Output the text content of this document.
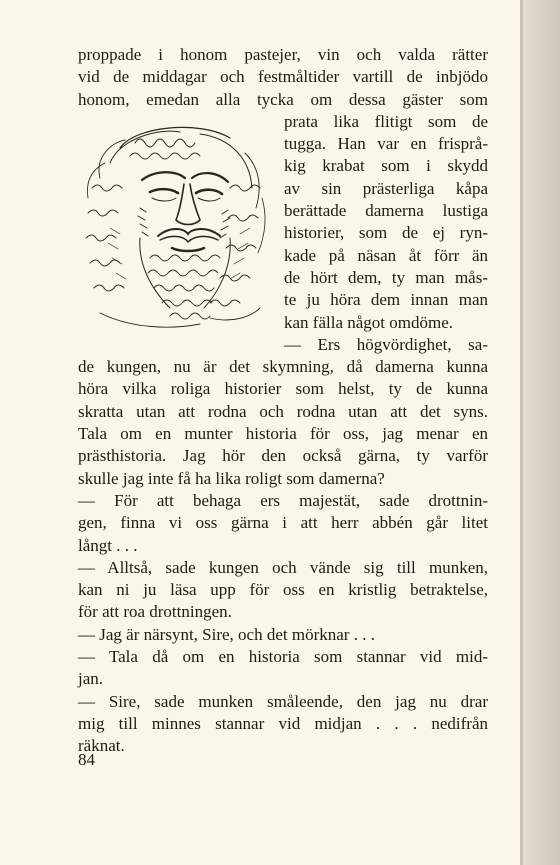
proppade i honom pastejer, vin och valda rätter
vid de middagar och festmåltider vartill de inbjödo
honom, emedan alla tycka om dessa gäster som
prata lika flitigt som de
tugga. Han var en frisprå-
kig krabat som i skydd
av sin prästerliga kåpa
berättade damerna lustiga
historier, som de ej ryn-
kade på näsan åt förr än
de hört dem, ty man mås-
te ju höra dem innan man
kan fälla något omdöme.
— Ers högvördighet, sa-
de kungen, nu är det skymning, då damerna kunna
höra vilka roliga historier som helst, ty de kunna
skratta utan att rodna och rodna utan att det syns.
Tala om en munter historia för oss, jag menar en
prästhistoria. Jag hör den också gärna, ty varför
skulle jag inte få ha lika roligt som damerna?
— För att behaga ers majestät, sade drottnin-
gen, finna vi oss gärna i att herr abbén går litet
långt . . .
— Alltså, sade kungen och vände sig till munken,
kan ni ju läsa upp för oss en kristlig betraktelse,
för att roa drottningen.
— Jag är närsynt, Sire, och det mörknar . . .
— Tala då om en historia som stannar vid mid-
jan.
— Sire, sade munken småleende, den jag nu drar
mig till minnes stannar vid midjan . . . nedifrån
räknat.
84
